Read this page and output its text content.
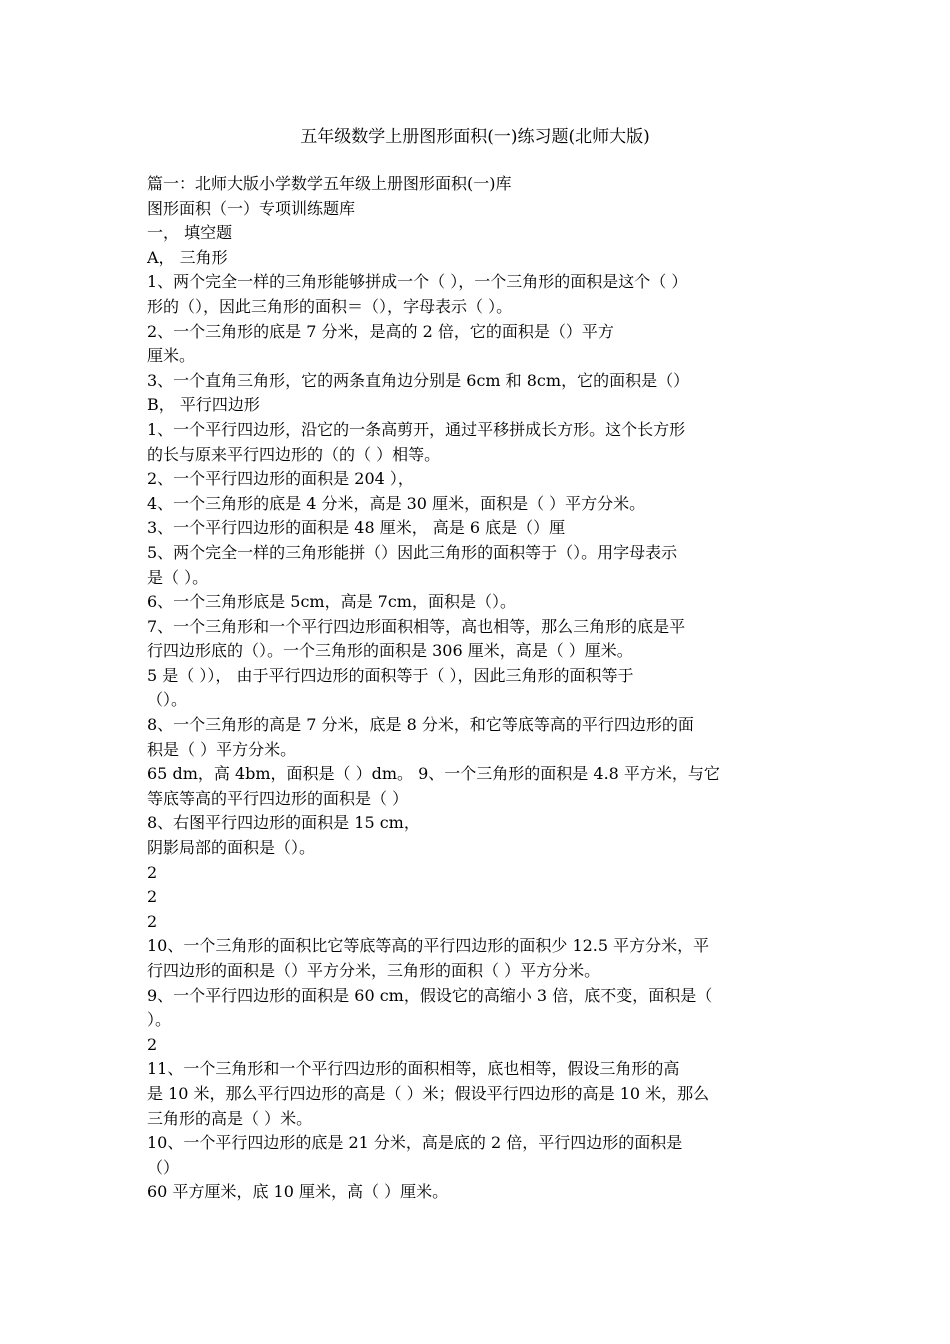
五年级数学上册图形面积(一)练习题(北师大版)

篇一：北师大版小学数学五年级上册图形面积(一)库

图形面积（一）专项训练题库

一， 填空题

A， 三角形

1、两个完全一样的三角形能够拼成一个（ ），一个三角形的面积是这个（ ）

形的（），因此三角形的面积＝（），字母表示（ ）。

2、一个三角形的底是 7 分米，是高的 2 倍，它的面积是（）平方

厘米。

3、一个直角三角形，它的两条直角边分别是 6cm 和 8cm，它的面积是（）

B， 平行四边形

1、一个平行四边形，沿它的一条高剪开，通过平移拼成长方形。这个长方形

的长与原来平行四边形的（的（ ）相等。

2、一个平行四边形的面积是 204 ），

4、一个三角形的底是 4 分米，高是 30 厘米，面积是（ ）平方分米。

3、一个平行四边形的面积是 48 厘米， 高是 6 底是（）厘

5、两个完全一样的三角形能拼（）因此三角形的面积等于（）。用字母表示

是（ ）。

6、一个三角形底是 5cm，高是 7cm，面积是（）。

7、一个三角形和一个平行四边形面积相等，高也相等，那么三角形的底是平

行四边形底的（）。一个三角形的面积是 306 厘米，高是（ ）厘米。

5 是（ ））， 由于平行四边形的面积等于（ ），因此三角形的面积等于

（）。

8、一个三角形的高是 7 分米，底是 8 分米，和它等底等高的平行四边形的面

积是（ ）平方分米。

65 dm，高 4bm，面积是（ ）dm。 9、一个三角形的面积是 4.8 平方米，与它

等底等高的平行四边形的面积是（ ）

8、右图平行四边形的面积是 15 cm，

阴影局部的面积是（）。

2

2

2

10、一个三角形的面积比它等底等高的平行四边形的面积少 12.5 平方分米，平

行四边形的面积是（）平方分米，三角形的面积（ ）平方分米。

9、一个平行四边形的面积是 60 cm，假设它的高缩小 3 倍，底不变，面积是（

）。

2

11、一个三角形和一个平行四边形的面积相等，底也相等，假设三角形的高

是 10 米，那么平行四边形的高是（ ）米；假设平行四边形的高是 10 米，那么

三角形的高是（ ）米。

10、一个平行四边形的底是 21 分米，高是底的 2 倍，平行四边形的面积是

（）

60 平方厘米，底 10 厘米，高（ ）厘米。
